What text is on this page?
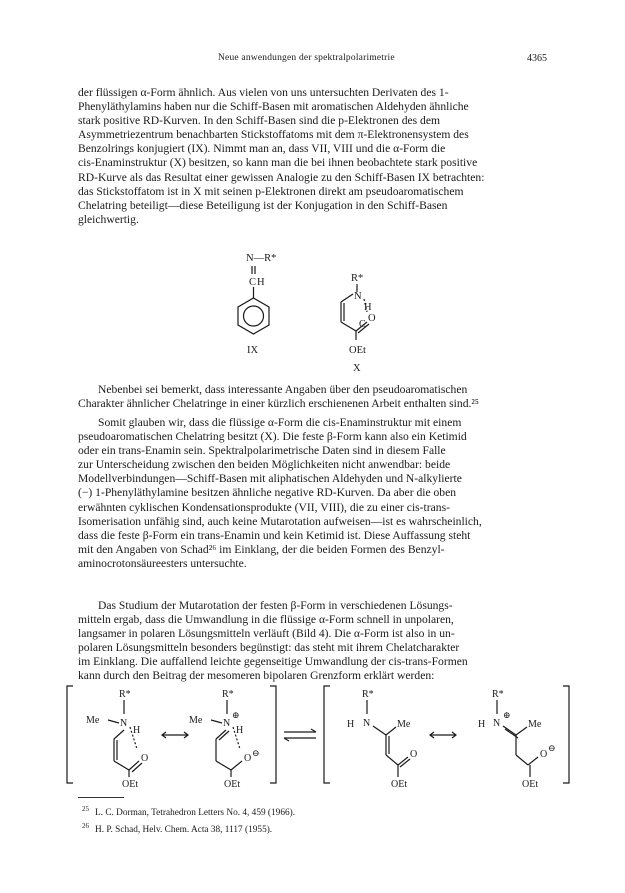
Neue anwendungen der spektralpolarimetrie	4365

der flüssigen α-Form ähnlich. Aus vielen von uns untersuchten Derivaten des 1-
Phenyläthylamins haben nur die Schiff-Basen mit aromatischen Aldehyden ähnliche
stark positive RD-Kurven. In den Schiff-Basen sind die p-Elektronen des dem
Asymmetriezentrum benachbarten Stickstoffatoms mit dem π-Elektronensystem des
Benzolrings konjugiert (IX). Nimmt man an, dass VII, VIII und die α-Form die
cis-Enaminstruktur (X) besitzen, so kann man die bei ihnen beobachtete stark positive
RD-Kurve als das Resultat einer gewissen Analogie zu den Schiff-Basen IX betrachten:
das Stickstoffatom ist in X mit seinen p-Elektronen direkt am pseudoaromatischem
Chelatring beteiligt—diese Beteiligung ist der Konjugation in den Schiff-Basen
gleichwertig.

N—R*
C H
IX
R*
N
H
C
O
OEt
X

Nebenbei sei bemerkt, dass interessante Angaben über den pseudoaromatischen
Charakter ähnlicher Chelatringe in einer kürzlich erschienenen Arbeit enthalten sind.²⁵

Somit glauben wir, dass die flüssige α-Form die cis-Enaminstruktur mit einem
pseudoaromatischen Chelatring besitzt (X). Die feste β-Form kann also ein Ketimid
oder ein trans-Enamin sein. Spektralpolarimetrische Daten sind in diesem Falle
zur Unterscheidung zwischen den beiden Möglichkeiten nicht anwendbar: beide
Modellverbindungen—Schiff-Basen mit aliphatischen Aldehyden und N-alkylierte
(−) 1-Phenyläthylamine besitzen ähnliche negative RD-Kurven. Da aber die oben
erwähnten cyklischen Kondensationsprodukte (VII, VIII), die zu einer cis-trans-
Isomerisation unfähig sind, auch keine Mutarotation aufweisen—ist es wahrscheinlich,
dass die feste β-Form ein trans-Enamin und kein Ketimid ist. Diese Auffassung steht
mit den Angaben von Schad²⁶ im Einklang, der die beiden Formen des Benzyl-
aminocrotonsäureesters untersuchte.

Das Studium der Mutarotation der festen β-Form in verschiedenen Lösungs-
mitteln ergab, dass die Umwandlung in die flüssige α-Form schnell in unpolaren,
langsamer in polaren Lösungsmitteln verläuft (Bild 4). Die α-Form ist also in un-
polaren Lösungsmitteln besonders begünstigt: das steht mit ihrem Chelatcharakter
im Einklang. Die auffallend leichte gegenseitige Umwandlung der cis-trans-Formen
kann durch den Beitrag der mesomeren bipolaren Grenzform erklärt werden:

R*
Me N
H
O
OEt
R*
Me N
⊕
H
O ⊖
OEt
R*
H N	Me
O
OEt
R*
H N
⊕
Me
O
⊖
OEt
$^{25}$ L. C. Dorman, Tetrahedron Letters No. 4, 459 (1966).
$^{26}$ H. P. Schad, Helv. Chem. Acta 38, 1117 (1955).
